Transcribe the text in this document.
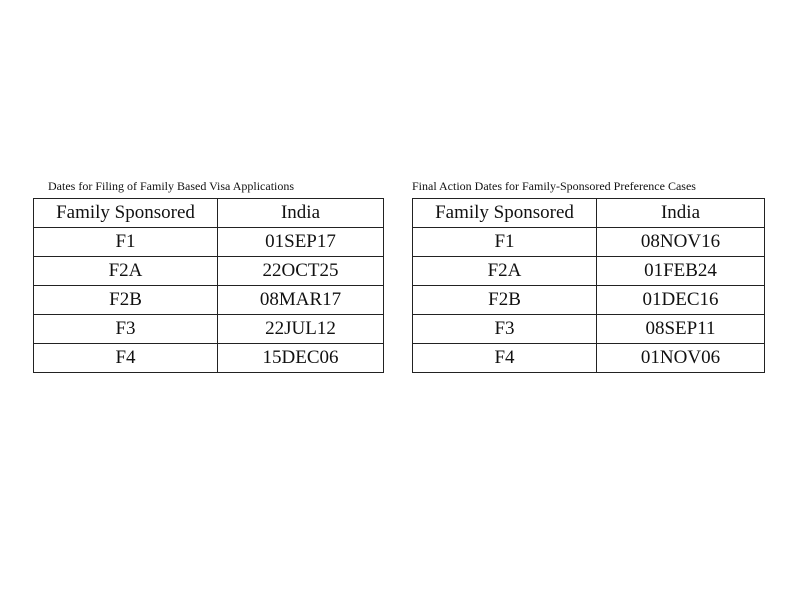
Dates for Filing of Family Based Visa Applications
Family Sponsored	India
F1	01SEP17
F2A	22OCT25
F2B	08MAR17
F3	22JUL12
F4	15DEC06
Final Action Dates for Family-Sponsored Preference Cases
Family Sponsored	India
F1	08NOV16
F2A	01FEB24
F2B	01DEC16
F3	08SEP11
F4	01NOV06
